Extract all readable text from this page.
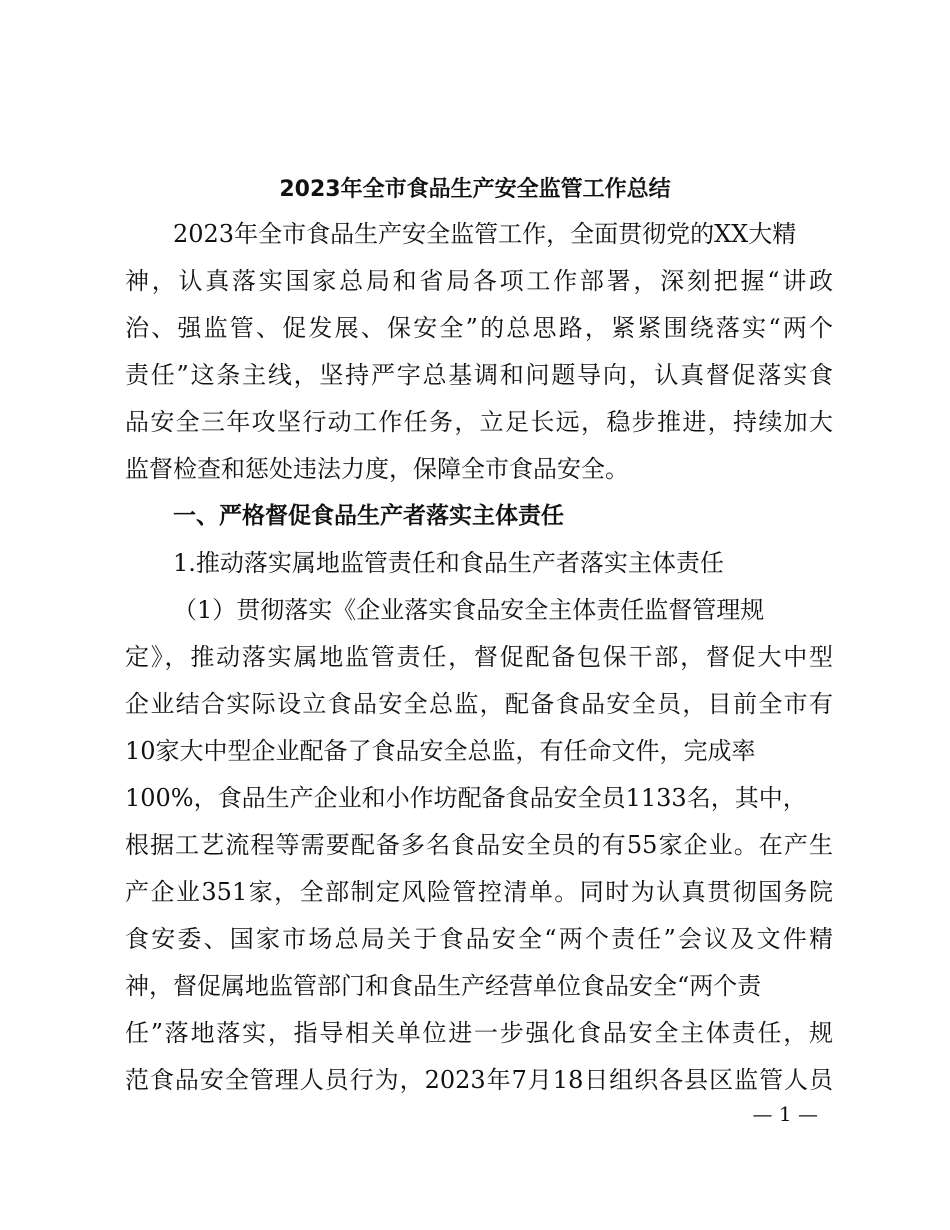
2023年全市食品生产安全监管工作总结
2023年全市食品生产安全监管工作，全面贯彻党的XX大精
神，认真落实国家总局和省局各项工作部署，深刻把握“讲政
治、强监管、促发展、保安全”的总思路，紧紧围绕落实“两个
责任”这条主线，坚持严字总基调和问题导向，认真督促落实食
品安全三年攻坚行动工作任务，立足长远，稳步推进，持续加大
监督检查和惩处违法力度，保障全市食品安全。
一、严格督促食品生产者落实主体责任
1.推动落实属地监管责任和食品生产者落实主体责任
（1）贯彻落实《企业落实食品安全主体责任监督管理规
定》，推动落实属地监管责任，督促配备包保干部，督促大中型
企业结合实际设立食品安全总监，配备食品安全员，目前全市有
10家大中型企业配备了食品安全总监，有任命文件，完成率
100%，食品生产企业和小作坊配备食品安全员1133名，其中，
根据工艺流程等需要配备多名食品安全员的有55家企业。在产生
产企业351家，全部制定风险管控清单。同时为认真贯彻国务院
食安委、国家市场总局关于食品安全“两个责任”会议及文件精
神，督促属地监管部门和食品生产经营单位食品安全“两个责
任”落地落实，指导相关单位进一步强化食品安全主体责任，规
范食品安全管理人员行为，2023年7月18日组织各县区监管人员
— 1 —
